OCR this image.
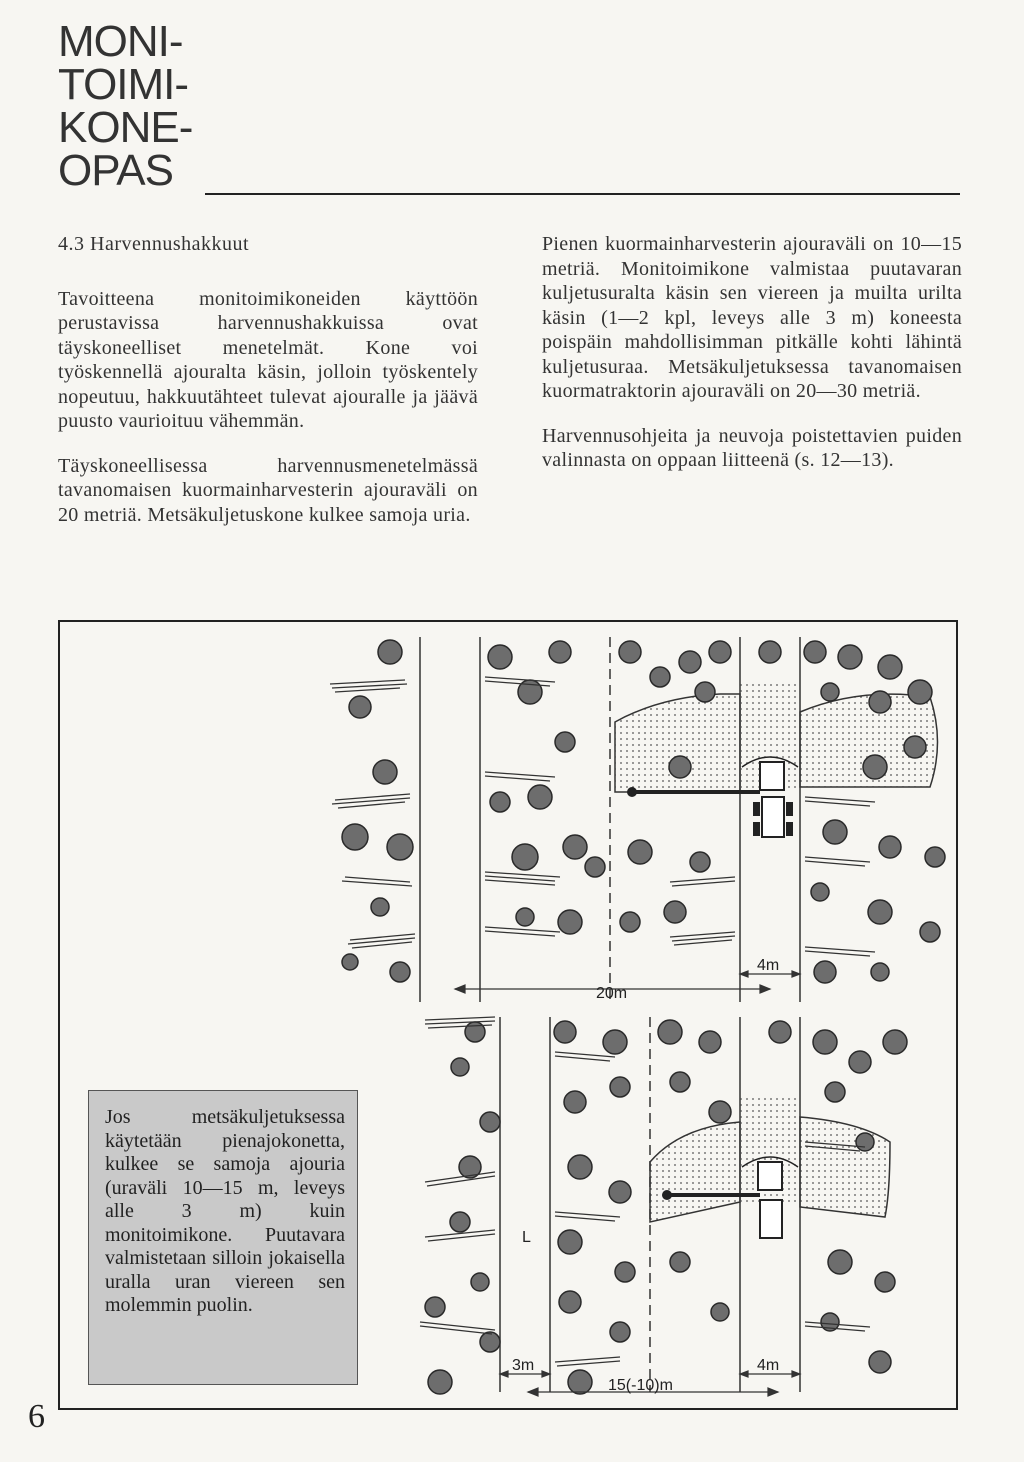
MONI-
TOIMI-
KONE-
OPAS
4.3 Harvennushakkuut

Tavoitteena monitoimikoneiden käyttöön perustavissa harvennushakkuissa ovat täyskoneelliset menetelmät. Kone voi työskennellä ajouralta käsin, jolloin työskentely nopeutuu, hakkuutähteet tulevat ajouralle ja jäävä puusto vaurioituu vähemmän.

Täyskoneellisessa harvennusmenetelmässä tavanomaisen kuormainharvesterin ajouraväli on 20 metriä. Metsäkuljetuskone kulkee samoja uria.

Pienen kuormainharvesterin ajouraväli on 10—15 metriä. Monitoimikone valmistaa puutavaran kuljetusuralta käsin sen viereen ja muilta urilta käsin (1—2 kpl, leveys alle 3 m) koneesta poispäin mahdollisimman pitkälle kohti lähintä kuljetusuraa. Metsäkuljetuksessa tavanomaisen kuormatraktorin ajouraväli on 20—30 metriä.

Harvennusohjeita ja neuvoja poistettavien puiden valinnasta on oppaan liitteenä (s. 12—13).

20m
4m
15(-10)m
3m	4m
L
Jos metsäkuljetuksessa käytetään pienajokonetta, kulkee se samoja ajouria (uraväli 10—15 m, leveys alle 3 m) kuin monitoimikone. Puutavara valmistetaan silloin jokaisella uralla uran viereen sen molemmin puolin.
6
